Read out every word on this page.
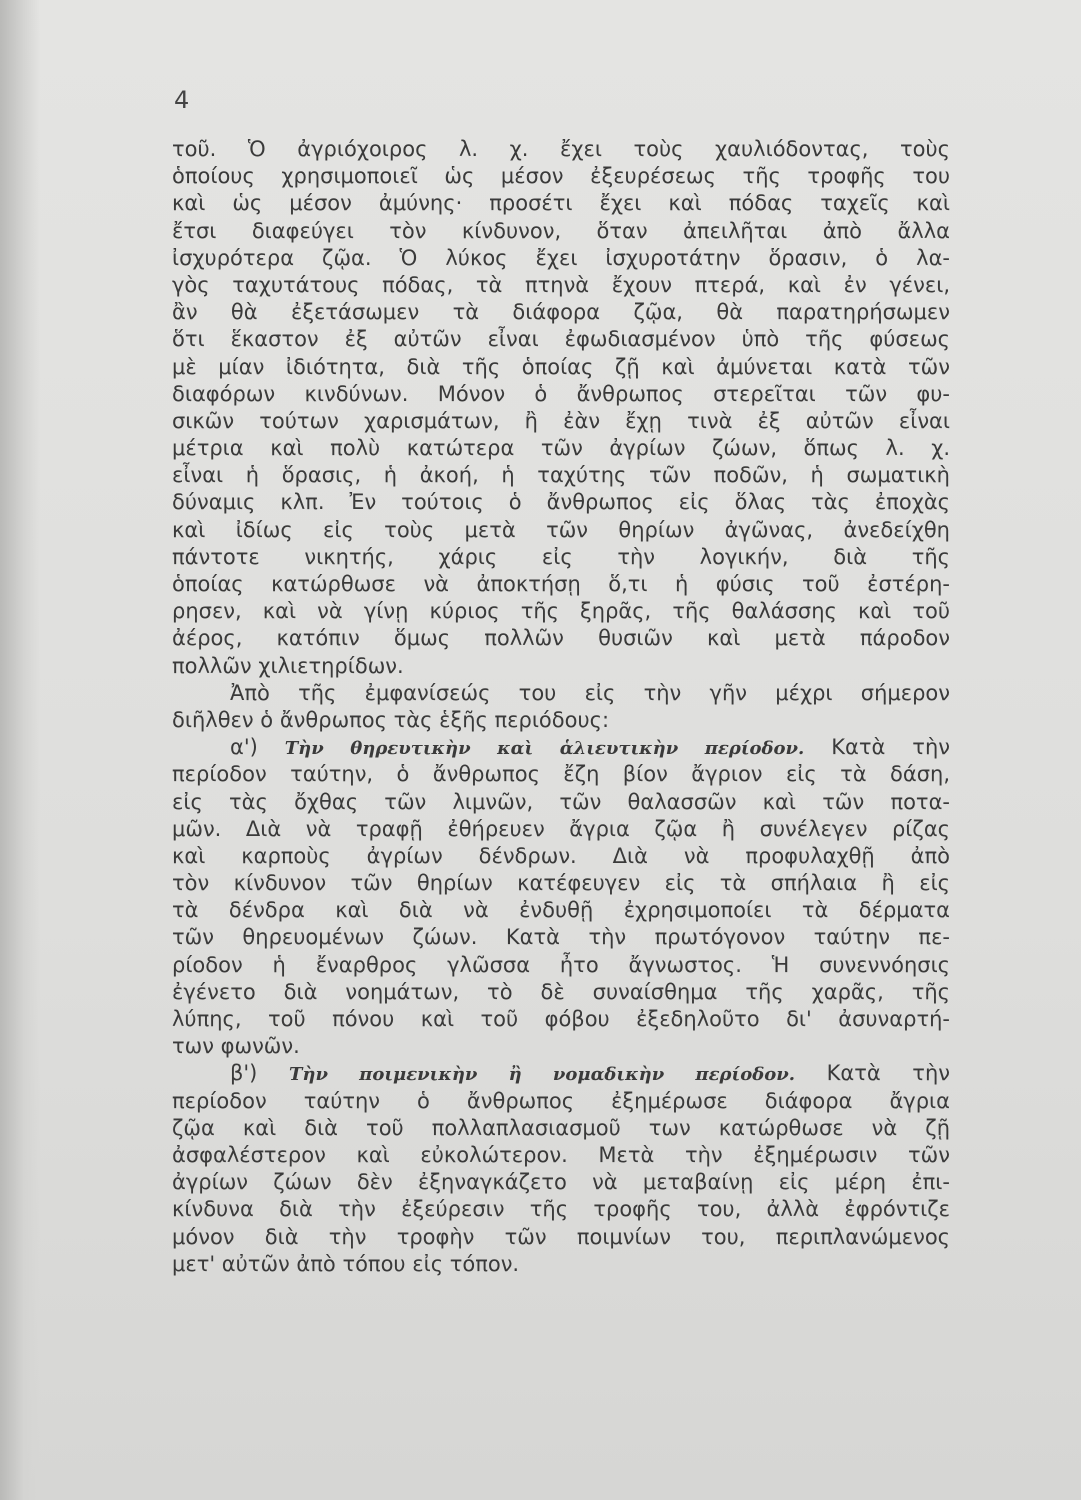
4
τοῦ. Ὁ ἀγριόχοιρος λ. χ. ἔχει τοὺς χαυλιόδοντας, τοὺς
ὁποίους χρησιμοποιεῖ ὡς μέσον ἐξευρέσεως τῆς τροφῆς του
καὶ ὡς μέσον ἀμύνης· προσέτι ἔχει καὶ πόδας ταχεῖς καὶ
ἔτσι διαφεύγει τὸν κίνδυνον, ὅταν ἀπειλῆται ἀπὸ ἄλλα
ἰσχυρότερα ζῷα. Ὁ λύκος ἔχει ἰσχυροτάτην ὅρασιν, ὁ λα-
γὸς ταχυτάτους πόδας, τὰ πτηνὰ ἔχουν πτερά, καὶ ἐν γένει,
ἂν θὰ ἐξετάσωμεν τὰ διάφορα ζῷα, θὰ παρατηρήσωμεν
ὅτι ἕκαστον ἐξ αὐτῶν εἶναι ἐφωδιασμένον ὑπὸ τῆς φύσεως
μὲ μίαν ἰδιότητα, διὰ τῆς ὁποίας ζῇ καὶ ἀμύνεται κατὰ τῶν
διαφόρων κινδύνων. Μόνον ὁ ἄνθρωπος στερεῖται τῶν φυ-
σικῶν τούτων χαρισμάτων, ἢ ἐὰν ἔχῃ τινὰ ἐξ αὐτῶν εἶναι
μέτρια καὶ πολὺ κατώτερα τῶν ἀγρίων ζώων, ὅπως λ. χ.
εἶναι ἡ ὅρασις, ἡ ἀκοή, ἡ ταχύτης τῶν ποδῶν, ἡ σωματικὴ
δύναμις κλπ. Ἐν τούτοις ὁ ἄνθρωπος εἰς ὅλας τὰς ἐποχὰς
καὶ ἰδίως εἰς τοὺς μετὰ τῶν θηρίων ἀγῶνας, ἀνεδείχθη
πάντοτε νικητής, χάρις εἰς τὴν λογικήν, διὰ τῆς
ὁποίας κατώρθωσε νὰ ἀποκτήσῃ ὅ,τι ἡ φύσις τοῦ ἐστέρη-
ρησεν, καὶ νὰ γίνῃ κύριος τῆς ξηρᾶς, τῆς θαλάσσης καὶ τοῦ
ἀέρος, κατόπιν ὅμως πολλῶν θυσιῶν καὶ μετὰ πάροδον
πολλῶν χιλιετηρίδων.
Ἀπὸ τῆς ἐμφανίσεώς του εἰς τὴν γῆν μέχρι σήμερον
διῆλθεν ὁ ἄνθρωπος τὰς ἑξῆς περιόδους:
α') Τὴν θηρευτικὴν καὶ ἁλιευτικὴν περίοδον. Κατὰ τὴν
περίοδον ταύτην, ὁ ἄνθρωπος ἔζη βίον ἄγριον εἰς τὰ δάση,
εἰς τὰς ὄχθας τῶν λιμνῶν, τῶν θαλασσῶν καὶ τῶν ποτα-
μῶν. Διὰ νὰ τραφῇ ἐθήρευεν ἄγρια ζῷα ἢ συνέλεγεν ρίζας
καὶ καρποὺς ἀγρίων δένδρων. Διὰ νὰ προφυλαχθῇ ἀπὸ
τὸν κίνδυνον τῶν θηρίων κατέφευγεν εἰς τὰ σπήλαια ἢ εἰς
τὰ δένδρα καὶ διὰ νὰ ἐνδυθῇ ἐχρησιμοποίει τὰ δέρματα
τῶν θηρευομένων ζώων. Κατὰ τὴν πρωτόγονον ταύτην πε-
ρίοδον ἡ ἔναρθρος γλῶσσα ἦτο ἄγνωστος. Ἡ συνεννόησις
ἐγένετο διὰ νοημάτων, τὸ δὲ συναίσθημα τῆς χαρᾶς, τῆς
λύπης, τοῦ πόνου καὶ τοῦ φόβου ἐξεδηλοῦτο δι' ἀσυναρτή-
των φωνῶν.
β') Τὴν ποιμενικὴν ἢ νομαδικὴν περίοδον. Κατὰ τὴν
περίοδον ταύτην ὁ ἄνθρωπος ἐξημέρωσε διάφορα ἄγρια
ζῷα καὶ διὰ τοῦ πολλαπλασιασμοῦ των κατώρθωσε νὰ ζῇ
ἀσφαλέστερον καὶ εὐκολώτερον. Μετὰ τὴν ἐξημέρωσιν τῶν
ἀγρίων ζώων δὲν ἐξηναγκάζετο νὰ μεταβαίνῃ εἰς μέρη ἐπι-
κίνδυνα διὰ τὴν ἐξεύρεσιν τῆς τροφῆς του, ἀλλὰ ἐφρόντιζε
μόνον διὰ τὴν τροφὴν τῶν ποιμνίων του, περιπλανώμενος
μετ' αὐτῶν ἀπὸ τόπου εἰς τόπον.
